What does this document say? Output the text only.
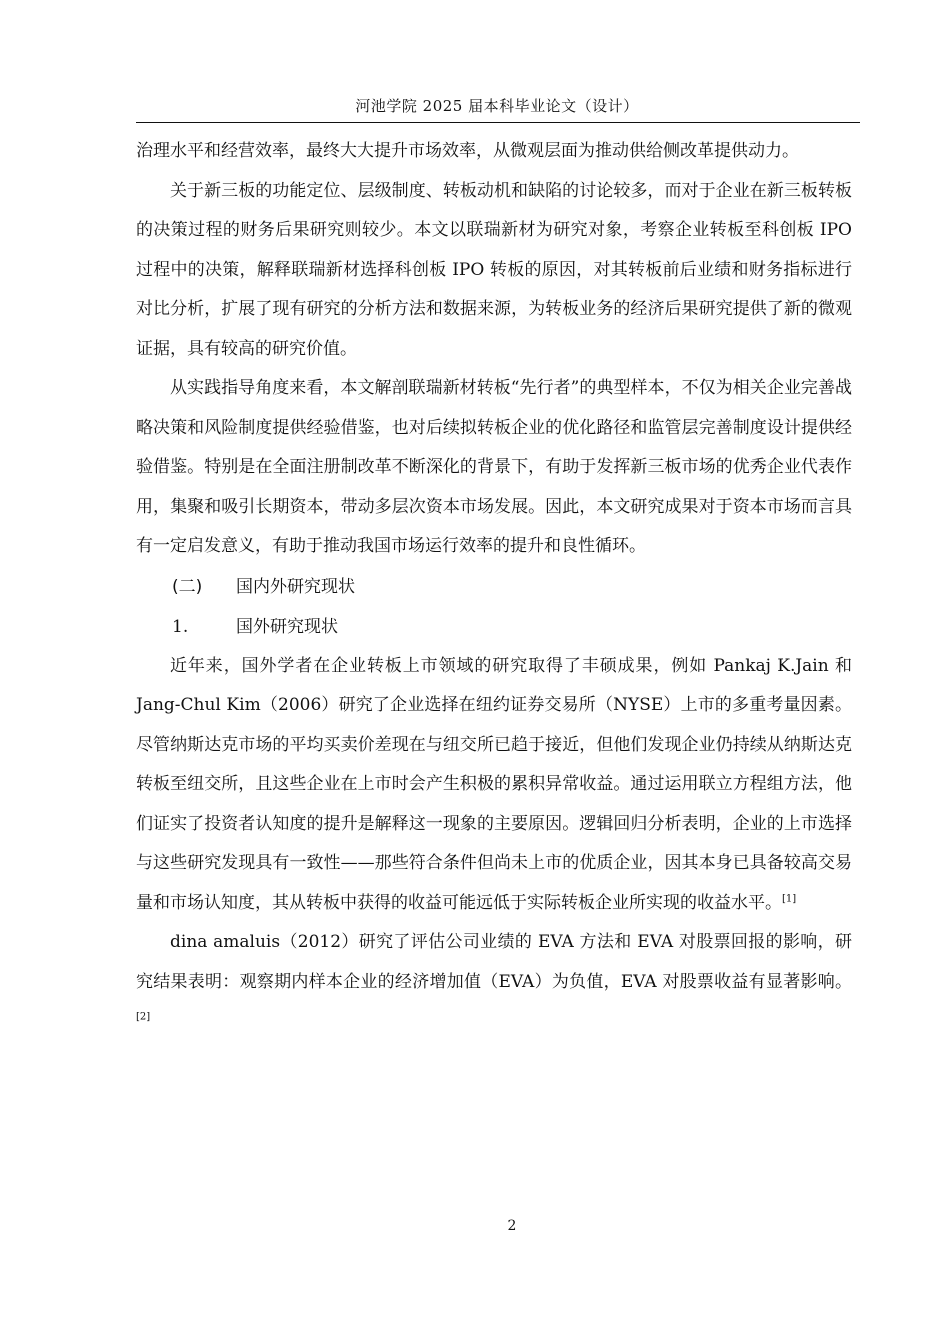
河池学院 2025 届本科毕业论文（设计）

治理水平和经营效率，最终大大提升市场效率，从微观层面为推动供给侧改革提供动力。

关于新三板的功能定位、层级制度、转板动机和缺陷的讨论较多，而对于企业在新三板转板的决策过程的财务后果研究则较少。本文以联瑞新材为研究对象，考察企业转板至科创板 IPO 过程中的决策，解释联瑞新材选择科创板 IPO 转板的原因，对其转板前后业绩和财务指标进行对比分析，扩展了现有研究的分析方法和数据来源，为转板业务的经济后果研究提供了新的微观证据，具有较高的研究价值。

从实践指导角度来看，本文解剖联瑞新材转板“先行者”的典型样本，不仅为相关企业完善战略决策和风险制度提供经验借鉴，也对后续拟转板企业的优化路径和监管层完善制度设计提供经验借鉴。特别是在全面注册制改革不断深化的背景下，有助于发挥新三板市场的优秀企业代表作用，集聚和吸引长期资本，带动多层次资本市场发展。因此，本文研究成果对于资本市场而言具有一定启发意义，有助于推动我国市场运行效率的提升和良性循环。

(二) 国内外研究现状
1.	国外研究现状

近年来，国外学者在企业转板上市领域的研究取得了丰硕成果，例如 Pankaj K.Jain 和 Jang-Chul Kim（2006）研究了企业选择在纽约证券交易所（NYSE）上市的多重考量因素。尽管纳斯达克市场的平均买卖价差现在与纽交所已趋于接近，但他们发现企业仍持续从纳斯达克转板至纽交所，且这些企业在上市时会产生积极的累积异常收益。通过运用联立方程组方法，他们证实了投资者认知度的提升是解释这一现象的主要原因。逻辑回归分析表明，企业的上市选择与这些研究发现具有一致性——那些符合条件但尚未上市的优质企业，因其本身已具备较高交易量和市场认知度，其从转板中获得的收益可能远低于实际转板企业所实现的收益水平。[1]

dina amaluis（2012）研究了评估公司业绩的 EVA 方法和 EVA 对股票回报的影响，研究结果表明：观察期内样本企业的经济增加值（EVA）为负值，EVA 对股票收益有显著影响。[2]

2
